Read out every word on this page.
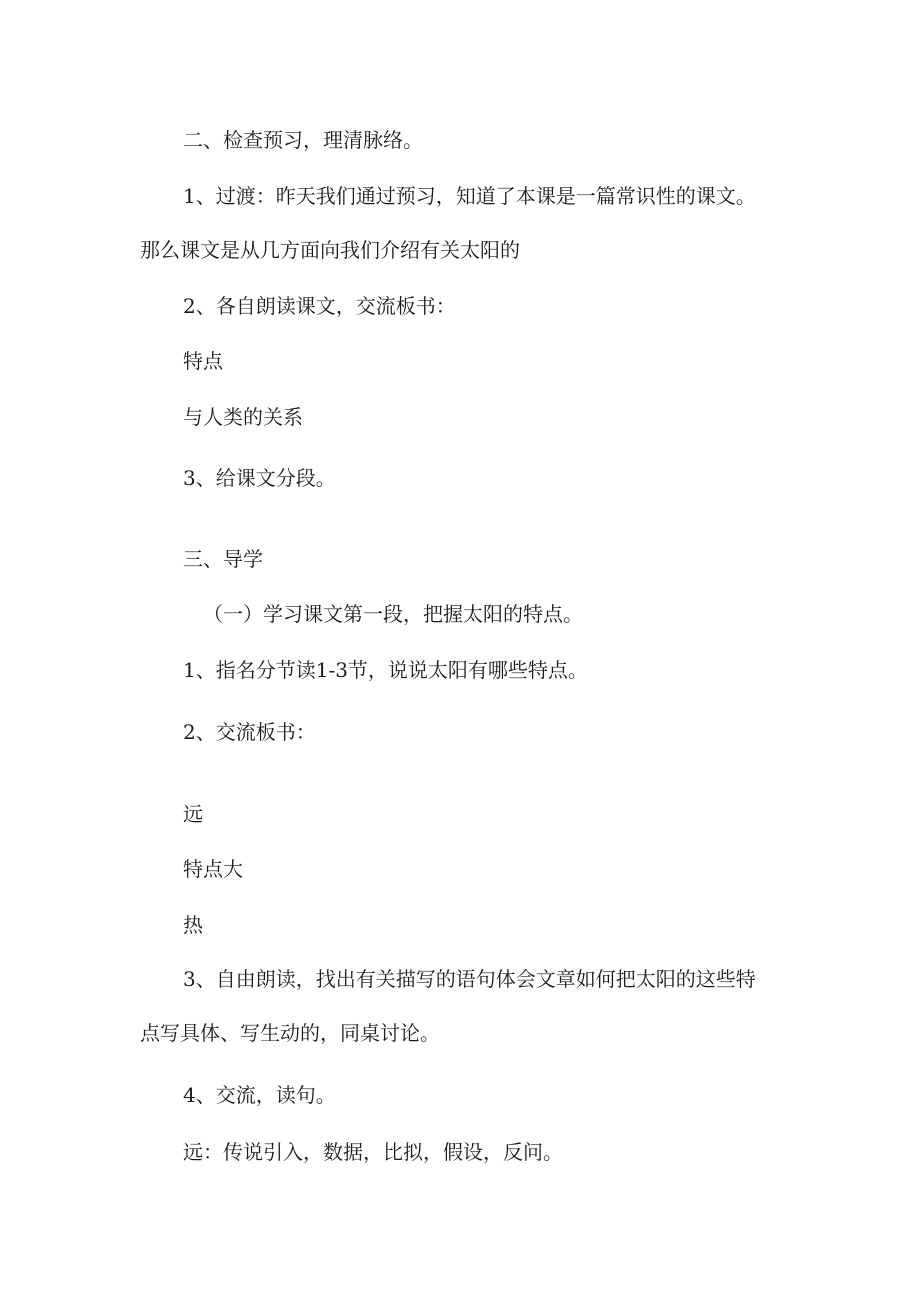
二、检查预习，理清脉络。

1、过渡：昨天我们通过预习，知道了本课是一篇常识性的课文。

那么课文是从几方面向我们介绍有关太阳的

2、各自朗读课文，交流板书：

特点

与人类的关系

3、给课文分段。

三、导学

（一）学习课文第一段，把握太阳的特点。

1、指名分节读1-3节，说说太阳有哪些特点。

2、交流板书：

远

特点大

热

3、自由朗读，找出有关描写的语句体会文章如何把太阳的这些特

点写具体、写生动的，同桌讨论。

4、交流，读句。

远：传说引入，数据，比拟，假设，反问。
